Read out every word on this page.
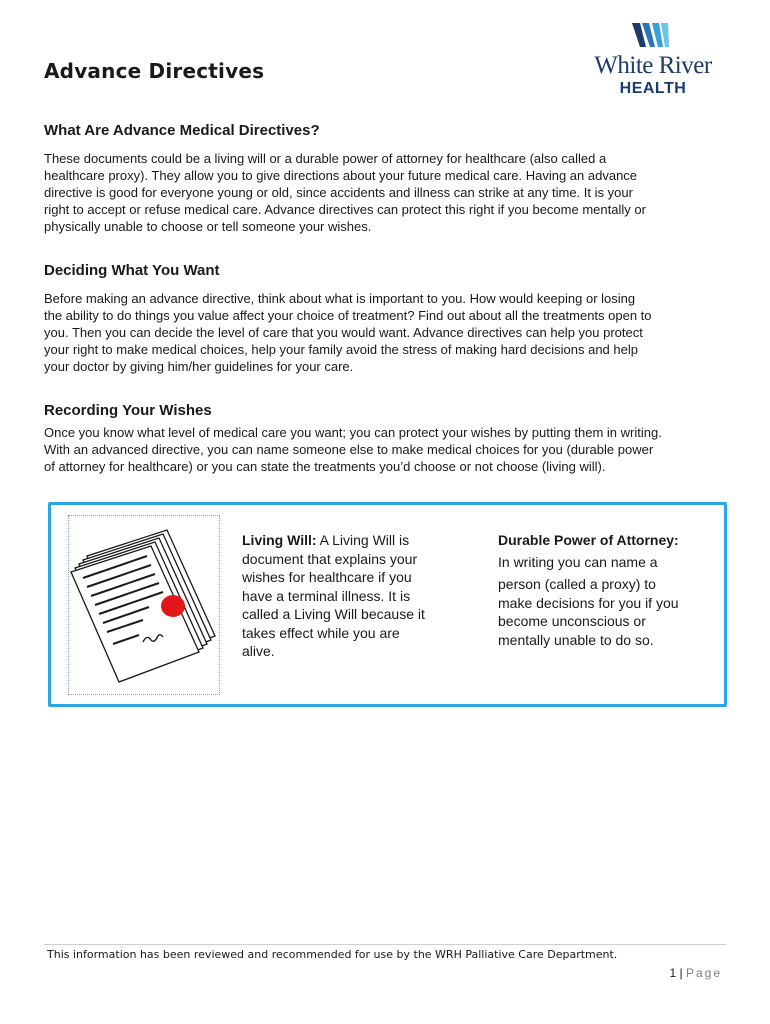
Advance Directives	White River
HEALTH
What Are Advance Medical Directives?
These documents could be a living will or a durable power of attorney for healthcare (also called a
healthcare proxy). They allow you to give directions about your future medical care. Having an advance
directive is good for everyone young or old, since accidents and illness can strike at any time. It is your
right to accept or refuse medical care. Advance directives can protect this right if you become mentally or
physically unable to choose or tell someone your wishes.
Deciding What You Want
Before making an advance directive, think about what is important to you. How would keeping or losing
the ability to do things you value affect your choice of treatment? Find out about all the treatments open to
you. Then you can decide the level of care that you would want. Advance directives can help you protect
your right to make medical choices, help your family avoid the stress of making hard decisions and help
your doctor by giving him/her guidelines for your care.
Recording Your Wishes
Once you know what level of medical care you want; you can protect your wishes by putting them in writing.
With an advanced directive, you can name someone else to make medical choices for you (durable power
of attorney for healthcare) or you can state the treatments you’d choose or not choose (living will).
Living Will: A Living Will is
document that explains your
wishes for healthcare if you
have a terminal illness. It is
called a Living Will because it
takes effect while you are
alive.
Durable Power of Attorney:
In writing you can name a
person (called a proxy) to
make decisions for you if you
become unconscious or
mentally unable to do so.
This information has been reviewed and recommended for use by the WRH Palliative Care Department.
1 | Page
